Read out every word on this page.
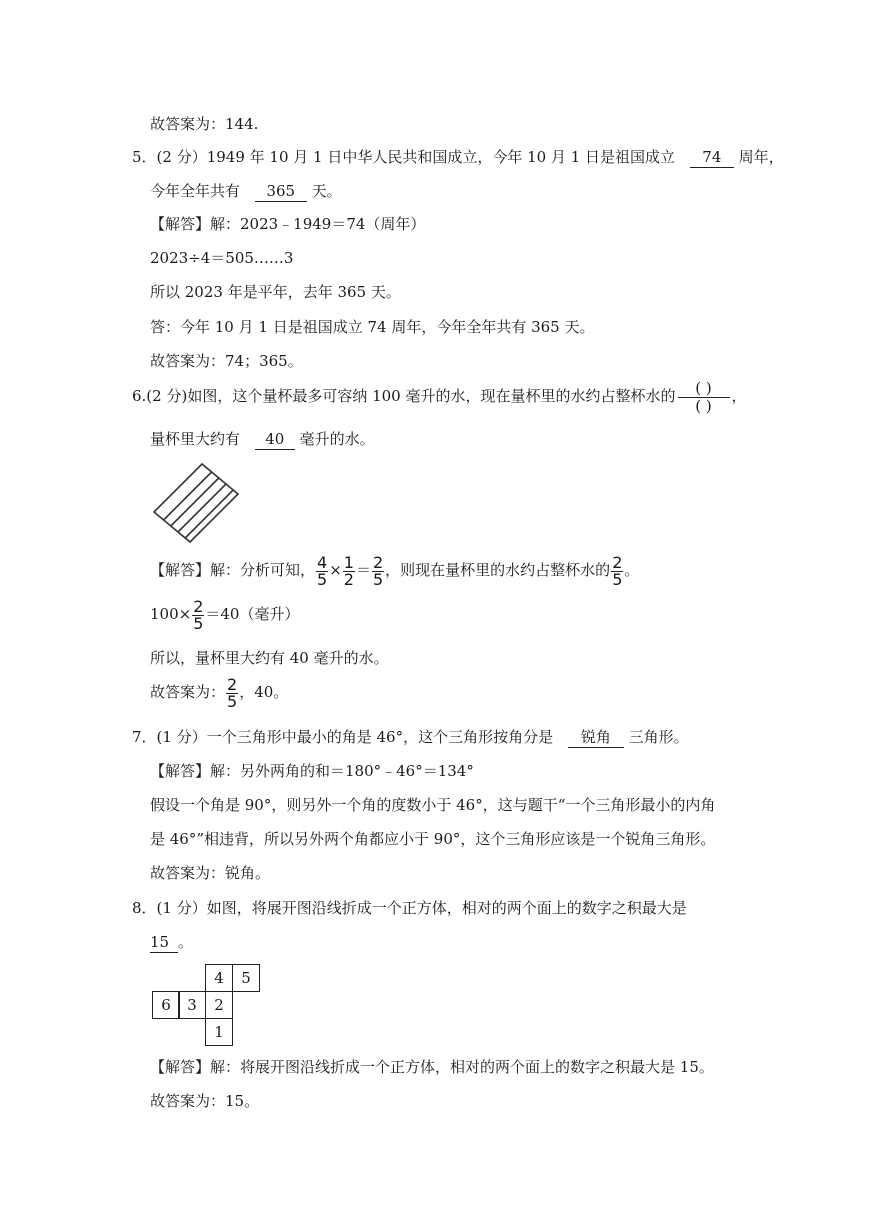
故答案为：144.
5．(2 分）1949 年 10 月 1 日中华人民共和国成立，今年 10 月 1 日是祖国成立 74 周年，
今年全年共有 365 天。
【解答】解：2023﹣1949＝74（周年）
2023÷4＝505……3
所以 2023 年是平年，去年 365 天。
答：今年 10 月 1 日是祖国成立 74 周年，今年全年共有 365 天。
故答案为：74；365。
6.(2 分)如图，这个量杯最多可容纳 100 毫升的水，现在量杯里的水约占整杯水的 $\frac{( )}{( )}$ ，
量杯里大约有 40 毫升的水。
【解答】解：分析可知， $\frac{4}{5} \times \frac{1}{2} = \frac{2}{5}$ ，则现在量杯里的水约占整杯水的 $\frac{2}{5}$ 。
$100\times \frac{2}{5} =40$（毫升）
所以，量杯里大约有 40 毫升的水。
故答案为： $\frac{2}{5}$ ，40。
7．(1 分）一个三角形中最小的角是 46°，这个三角形按角分是 锐角 三角形。
【解答】解：另外两角的和＝180°﹣46°＝134°
假设一个角是 90°，则另外一个角的度数小于 46°，这与题干“一个三角形最小的内角
是 46°”相违背，所以另外两个角都应小于 90°，这个三角形应该是一个锐角三角形。
故答案为：锐角。
8．(1 分）如图，将展开图沿线折成一个正方体，相对的两个面上的数字之积最大是
15 。
4	5
6	3	2
1
【解答】解：将展开图沿线折成一个正方体，相对的两个面上的数字之积最大是 15。
故答案为：15。
